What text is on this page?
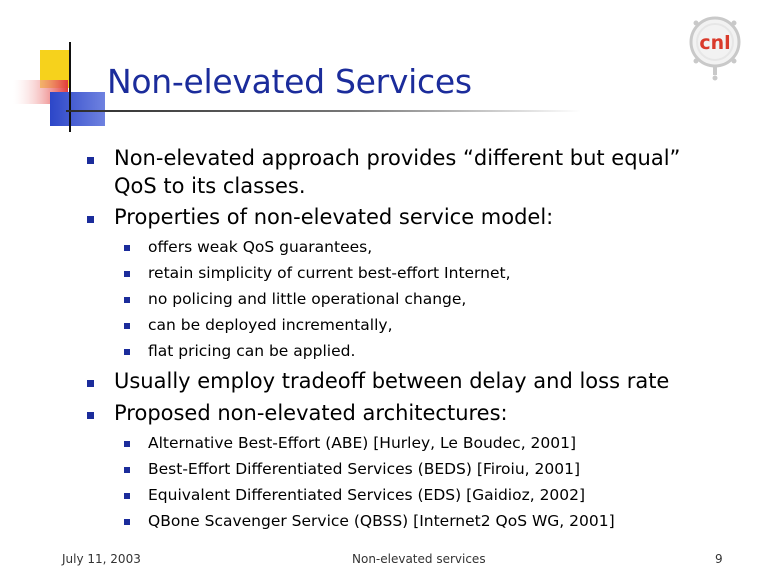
Non-elevated Services
cnl
Non-elevated approach provides “different but equal”
QoS to its classes.
Properties of non-elevated service model:
offers weak QoS guarantees,
retain simplicity of current best-effort Internet,
no policing and little operational change,
can be deployed incrementally,
flat pricing can be applied.
Usually employ tradeoff between delay and loss rate
Proposed non-elevated architectures:
Alternative Best-Effort (ABE) [Hurley, Le Boudec, 2001]
Best-Effort Differentiated Services (BEDS) [Firoiu, 2001]
Equivalent Differentiated Services (EDS) [Gaidioz, 2002]
QBone Scavenger Service (QBSS) [Internet2 QoS WG, 2001]
July 11, 2003	Non-elevated services	9
